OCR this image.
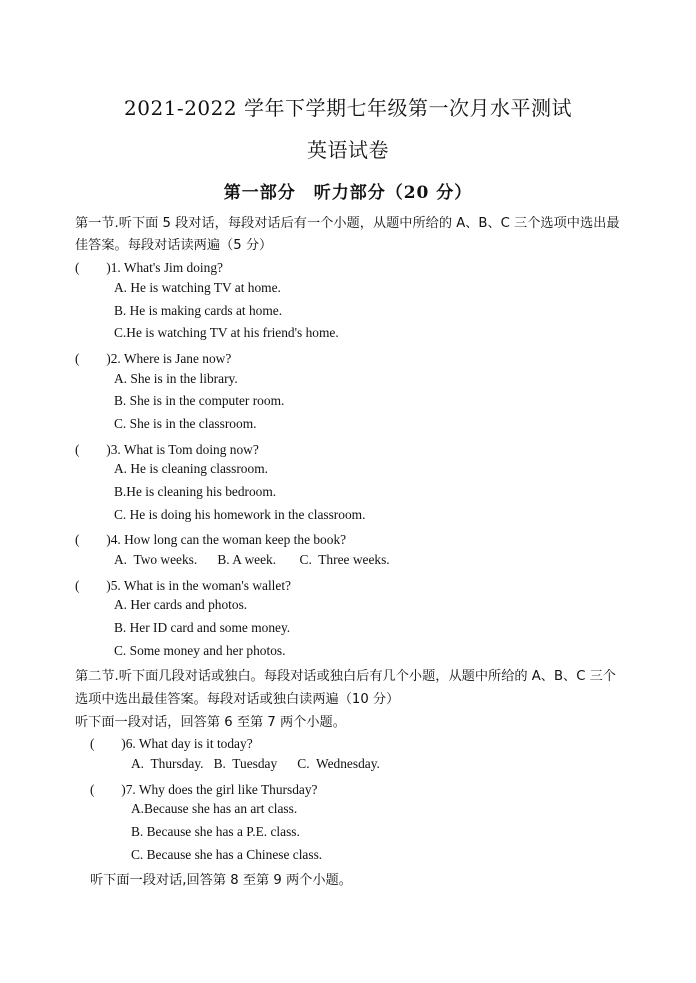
2021-2022 学年下学期七年级第一次月水平测试
英语试卷
第一部分　听力部分（20 分）
第一节.听下面 5 段对话，每段对话后有一个小题，从题中所给的 A、B、C 三个选项中选出最
佳答案。每段对话读两遍（5 分）
(　　)1. What's Jim doing?
A. He is watching TV at home.
B. He is making cards at home.
C.He is watching TV at his friend's home.
(　　)2. Where is Jane now?
A. She is in the library.
B. She is in the computer room.
C. She is in the classroom.
(　　)3. What is Tom doing now?
A. He is cleaning classroom.
B.He is cleaning his bedroom.
C. He is doing his homework in the classroom.
(　　)4. How long can the woman keep the book?
A.  Two weeks.      B. A week.       C.  Three weeks.
(　　)5. What is in the woman's wallet?
A. Her cards and photos.
B. Her ID card and some money.
C. Some money and her photos.
第二节.听下面几段对话或独白。每段对话或独白后有几个小题，从题中所给的 A、B、C 三个
选项中选出最佳答案。每段对话或独白读两遍（10 分）
听下面一段对话，回答第 6 至第 7 两个小题。
(　　)6. What day is it today?
A.  Thursday.   B.  Tuesday      C.  Wednesday.
(　　)7. Why does the girl like Thursday?
A.Because she has an art class.
B. Because she has a P.E. class.
C. Because she has a Chinese class.
听下面一段对话,回答第 8 至第 9 两个小题。
